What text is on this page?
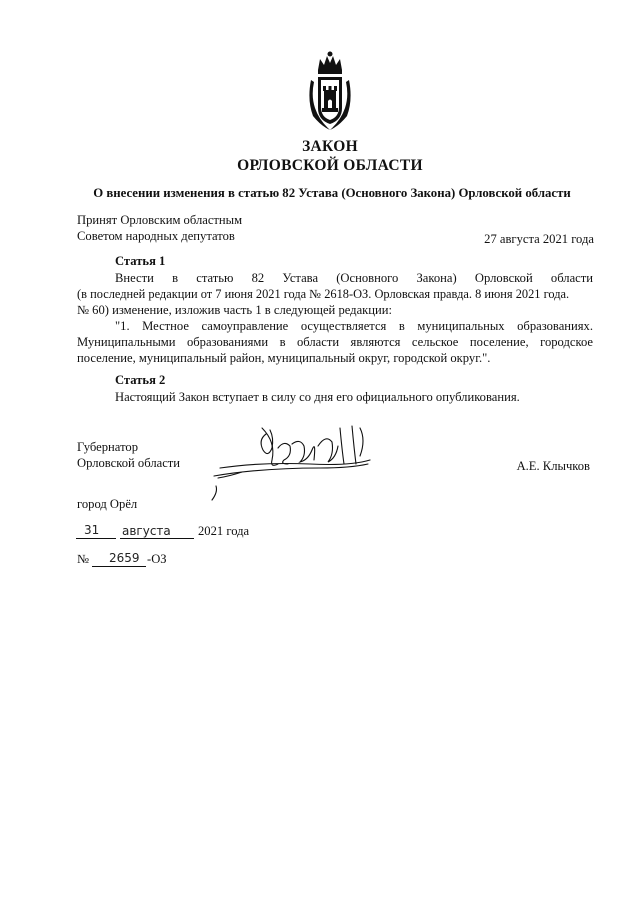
ЗАКОН
ОРЛОВСКОЙ ОБЛАСТИ
О внесении изменения в статью 82 Устава (Основного Закона) Орловской области
Принят Орловским областным
Советом народных депутатов	27 августа 2021 года
Статья 1
Внести в статью 82 Устава (Основного Закона) Орловской области
(в последней редакции от 7 июня 2021 года № 2618-ОЗ. Орловская правда. 8 июня 2021 года.
№ 60) изменение, изложив часть 1 в следующей редакции:
"1. Местное самоуправление осуществляется в муниципальных образованиях.
Муниципальными образованиями в области являются сельское поселение, городское
поселение, муниципальный район, муниципальный округ, городской округ.".
Статья 2
Настоящий Закон вступает в силу со дня его официального опубликования.
Губернатор
Орловской области	А.Е. Клычков
город Орёл
31 августа 2021 года
№ 2659 -ОЗ
